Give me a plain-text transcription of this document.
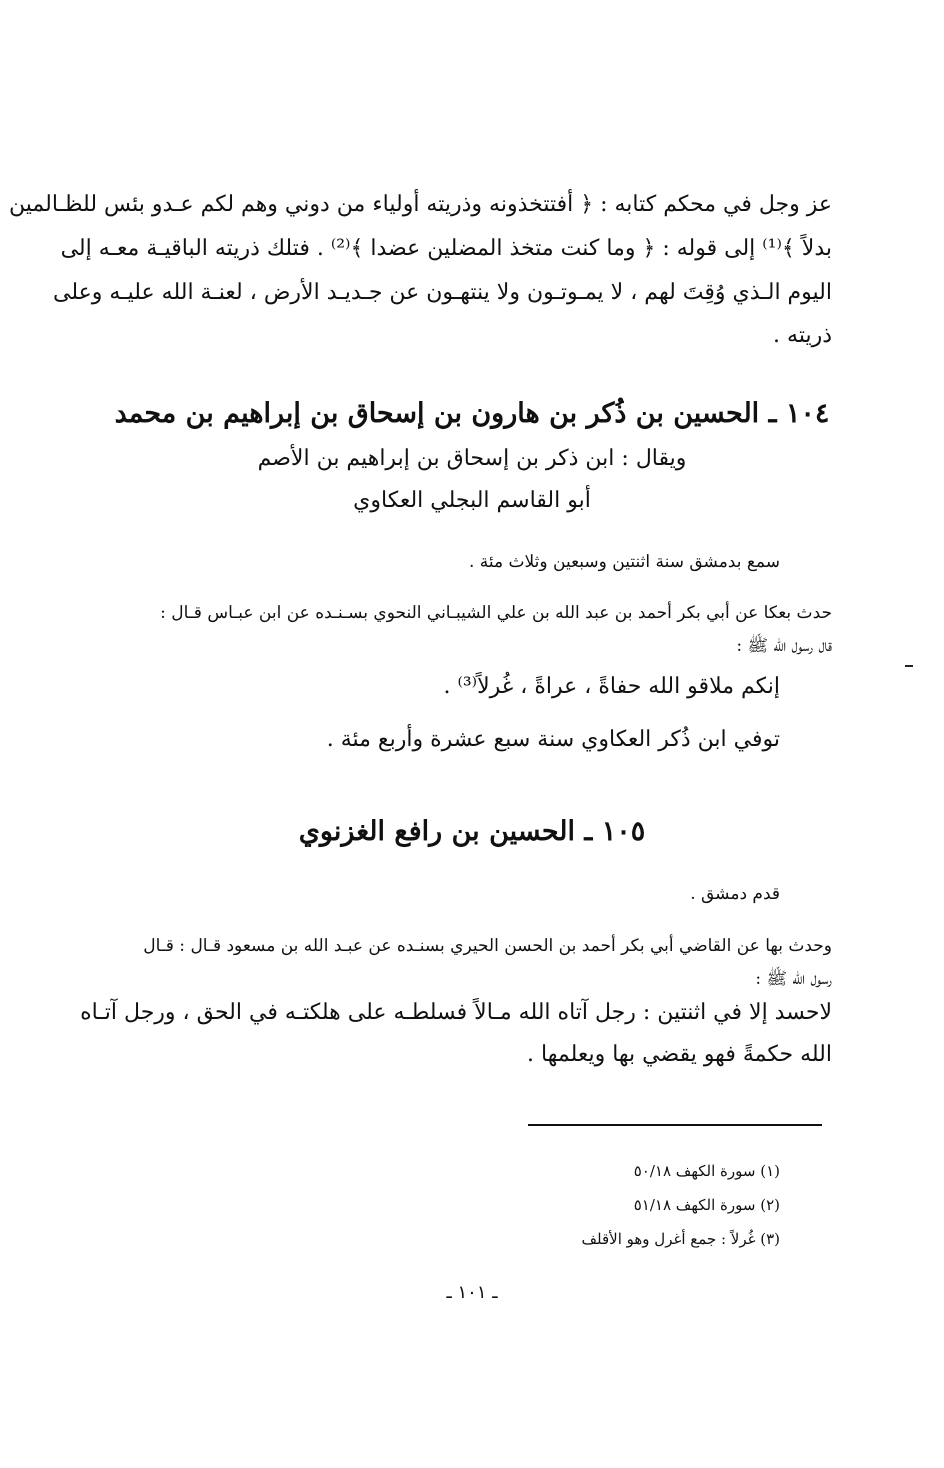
عز وجل في محكم كتابه : ﴿ أفتتخذونه وذريته أولياء من دوني وهم لكم عـدو بئس للظـالمين
بدلاً ﴾⁽¹⁾ إلى قوله : ﴿ وما كنت متخذ المضلين عضدا ﴾⁽²⁾ . فتلك ذريته الباقيـة معـه إلى
اليوم الـذي وُقِتَ لهم ، لا يمـوتـون ولا ينتهـون عن جـديـد الأرض ، لعنـة الله عليـه وعلى
ذريته .
١٠٤ ـ الحسين بن ذُكر بن هارون بن إسحاق بن إبراهيم بن محمد
ويقال : ابن ذكر بن إسحاق بن إبراهيم بن الأصم
أبو القاسم البجلي العكاوي
سمع بدمشق سنة اثنتين وسبعين وثلاث مئة .
حدث بعكا عن أبي بكر أحمد بن عبد الله بن علي الشيبـاني النحوي بسـنـده عن ابن عبـاس قـال :
قال رسول الله ﷺ :
إنكم ملاقو الله حفاةً ، عراةً ، غُرلاً⁽³⁾ .
توفي ابن ذُكر العكاوي سنة سبع عشرة وأربع مئة .
١٠٥ ـ الحسين بن رافع الغزنوي
قدم دمشق .
وحدث بها عن القاضي أبي بكر أحمد بن الحسن الحيري بسنـده عن عبـد الله بن مسعود قـال : قـال
رسول الله ﷺ :
لاحسد إلا في اثنتين : رجل آتاه الله مـالاً فسلطـه على هلكتـه في الحق ، ورجل آتـاه
الله حكمةً فهو يقضي بها ويعلمها .
(١) سورة الكهف ٥٠/١٨
(٢) سورة الكهف ٥١/١٨
(٣) غُرلاً : جمع أغرل وهو الأقلف
ـ ١٠١ ـ
